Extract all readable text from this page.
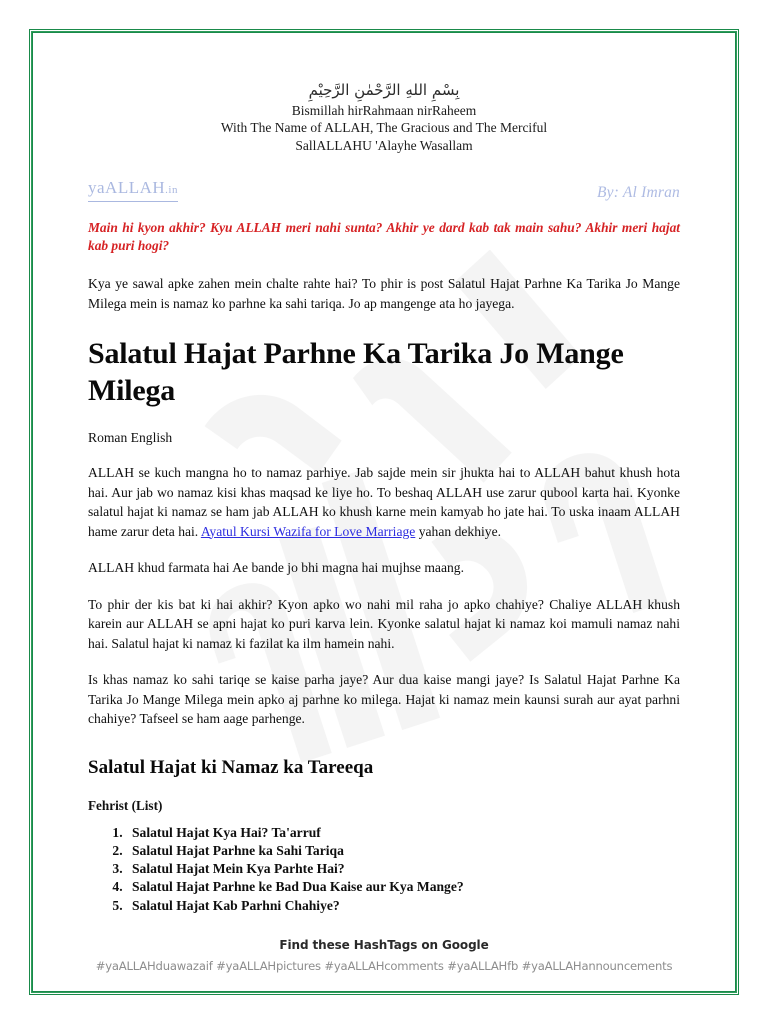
بِسْمِ اللهِ الرَّحْمٰنِ الرَّحِيْمِ
Bismillah hirRahmaan nirRaheem
With The Name of ALLAH, The Gracious and The Merciful
SallALLAHU 'Alayhe Wasallam
yaALLAH.in	By: Al Imran
Main hi kyon akhir? Kyu ALLAH meri nahi sunta? Akhir ye dard kab tak main sahu? Akhir meri hajat kab puri hogi?

Kya ye sawal apke zahen mein chalte rahte hai? To phir is post Salatul Hajat Parhne Ka Tarika Jo Mange Milega mein is namaz ko parhne ka sahi tariqa. Jo ap mangenge ata ho jayega.

Salatul Hajat Parhne Ka Tarika Jo Mange Milega
Roman English

ALLAH se kuch mangna ho to namaz parhiye. Jab sajde mein sir jhukta hai to ALLAH bahut khush hota hai. Aur jab wo namaz kisi khas maqsad ke liye ho. To beshaq ALLAH use zarur qubool karta hai. Kyonke salatul hajat ki namaz se ham jab ALLAH ko khush karne mein kamyab ho jate hai. To uska inaam ALLAH hame zarur deta hai. Ayatul Kursi Wazifa for Love Marriage yahan dekhiye.

ALLAH khud farmata hai Ae bande jo bhi magna hai mujhse maang.

To phir der kis bat ki hai akhir? Kyon apko wo nahi mil raha jo apko chahiye? Chaliye ALLAH khush karein aur ALLAH se apni hajat ko puri karva lein. Kyonke salatul hajat ki namaz koi mamuli namaz nahi hai. Salatul hajat ki namaz ki fazilat ka ilm hamein nahi.

Is khas namaz ko sahi tariqe se kaise parha jaye? Aur dua kaise mangi jaye? Is Salatul Hajat Parhne Ka Tarika Jo Mange Milega mein apko aj parhne ko milega. Hajat ki namaz mein kaunsi surah aur ayat parhni chahiye? Tafseel se ham aage parhenge.

Salatul Hajat ki Namaz ka Tareeqa
Fehrist (List)
1. Salatul Hajat Kya Hai? Ta'arruf
2. Salatul Hajat Parhne ka Sahi Tariqa
3. Salatul Hajat Mein Kya Parhte Hai?
4. Salatul Hajat Parhne ke Bad Dua Kaise aur Kya Mange?
5. Salatul Hajat Kab Parhni Chahiye?
Find these HashTags on Google
#yaALLAHduawazaif #yaALLAHpictures #yaALLAHcomments #yaALLAHfb #yaALLAHannouncements
